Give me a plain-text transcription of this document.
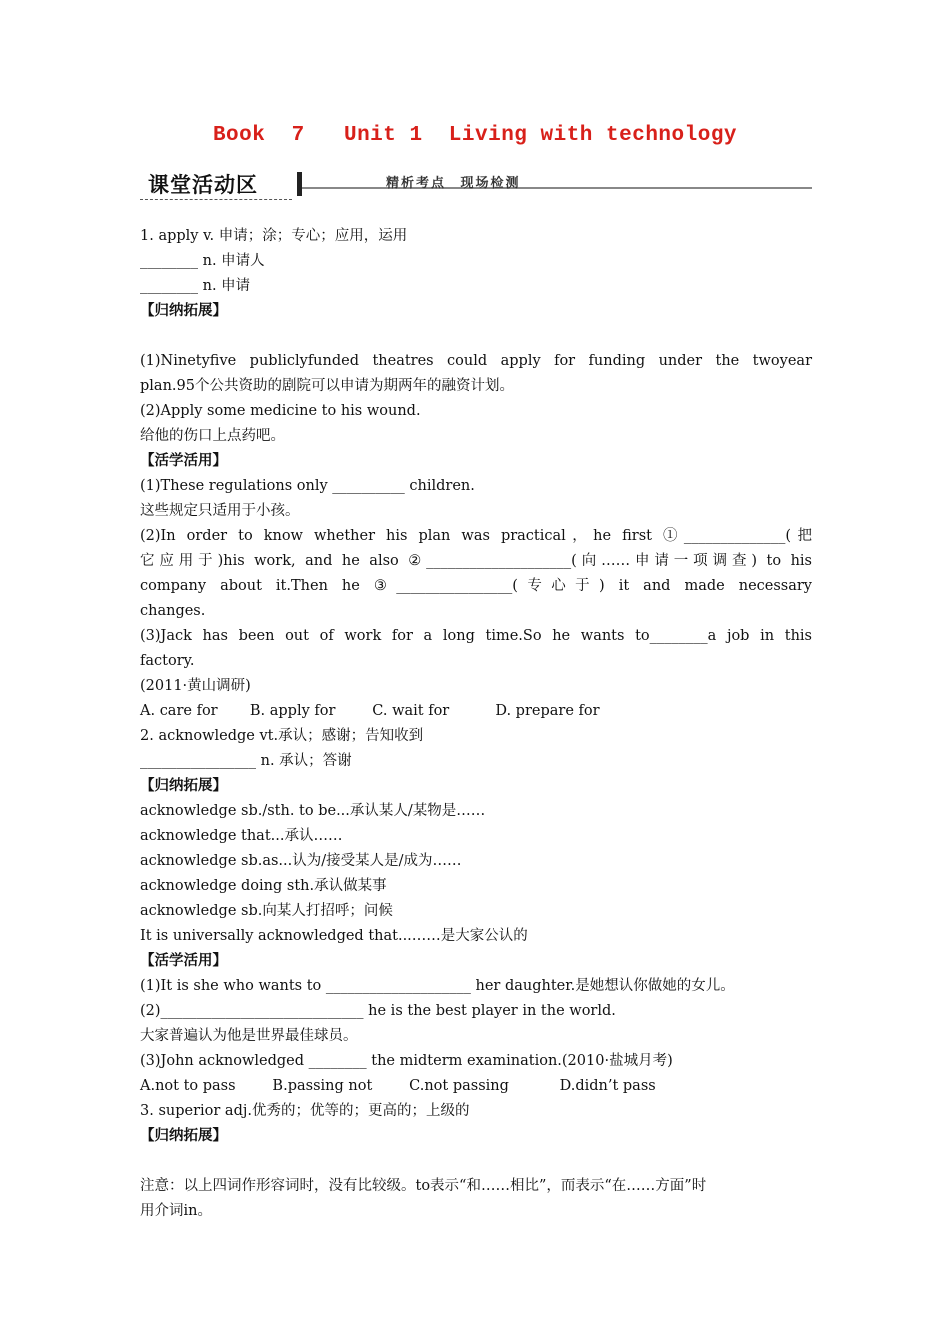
Book  7   Unit 1  Living with technology
课堂活动区	精析考点 现场检测
1. apply v. 申请；涂；专心；应用，运用
________ n. 申请人
________ n. 申请
【归纳拓展】
(1)Ninetyfive publiclyfunded theatres could apply for funding under the twoyear
plan.95个公共资助的剧院可以申请为期两年的融资计划。
(2)Apply some medicine to his wound.
给他的伤口上点药吧。
【活学活用】
(1)These regulations only __________ children.
这些规定只适用于小孩。
(2)In order to know whether his plan was practical，he first ①______________(把
它应用于)his work, and he also ②____________________(向……申请一项调查) to his
company about it.Then he ③________________(专心于) it and made necessary
changes.
(3)Jack has been out of work for a long time.So he wants to________a job in this
factory.
(2011·黄山调研)
A. care for       B. apply for        C. wait for          D. prepare for
2. acknowledge vt.承认；感谢；告知收到
________________ n. 承认；答谢
【归纳拓展】
acknowledge sb./sth. to be...承认某人/某物是……
acknowledge that...承认……
acknowledge sb.as...认为/接受某人是/成为……
acknowledge doing sth.承认做某事
acknowledge sb.向某人打招呼；问候
It is universally acknowledged that...……是大家公认的
【活学活用】
(1)It is she who wants to ____________________ her daughter.是她想认你做她的女儿。
(2)____________________________ he is the best player in the world.
大家普遍认为他是世界最佳球员。
(3)John acknowledged ________ the midterm examination.(2010·盐城月考)
A.not to pass        B.passing not        C.not passing           D.didn’t pass
3. superior adj.优秀的；优等的；更高的；上级的
【归纳拓展】
注意：以上四词作形容词时，没有比较级。to表示“和……相比”，而表示“在……方面”时
用介词in。
